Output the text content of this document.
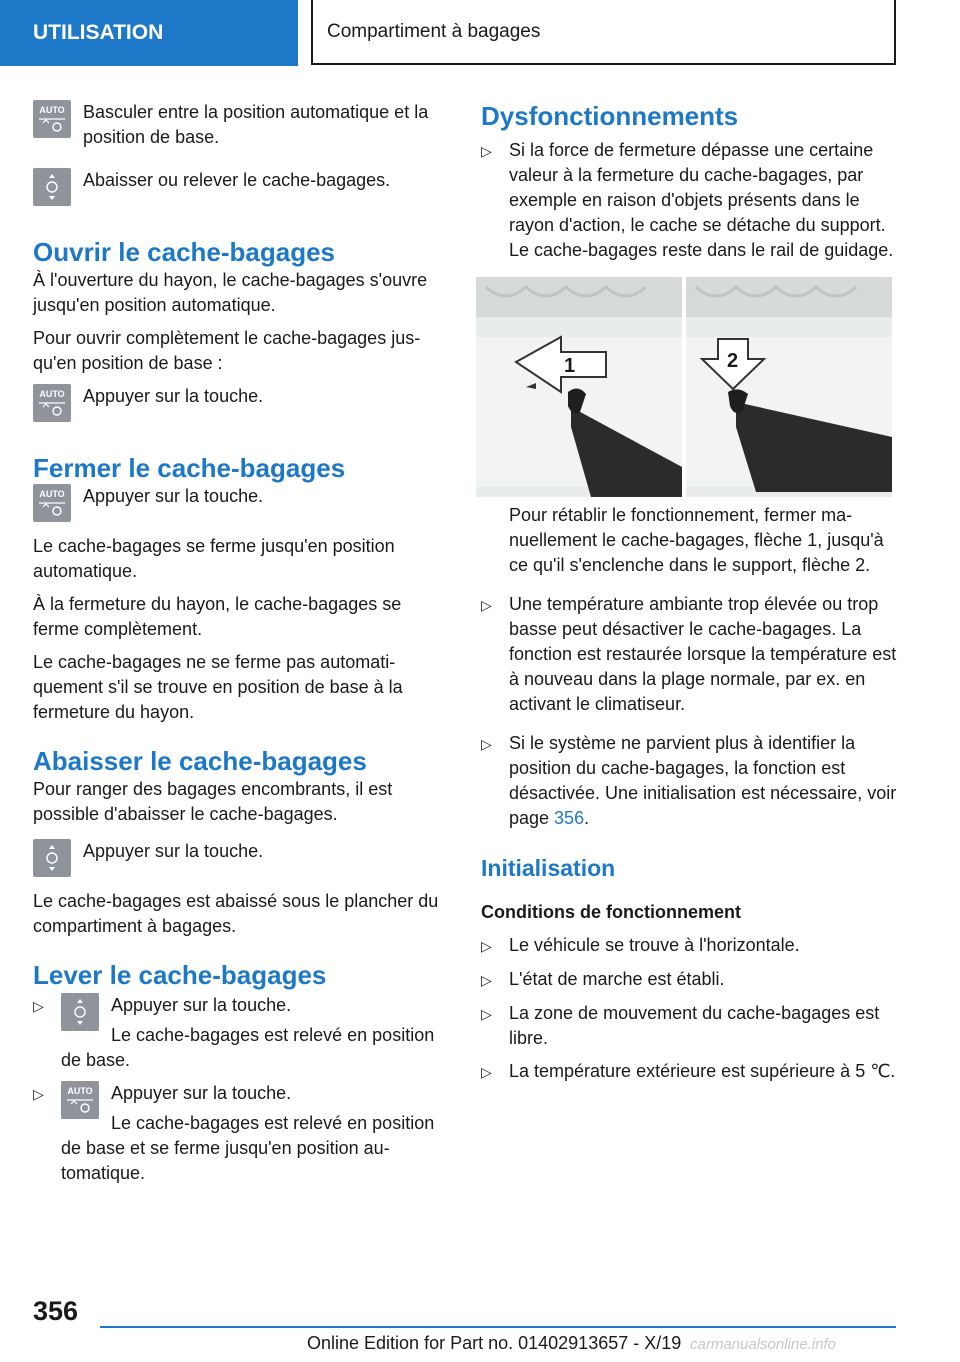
UTILISATION	Compartiment à bagages
AUTO Basculer entre la position automatique et la position de base.

Abaisser ou relever le cache-bagages.

Ouvrir le cache-bagages

À l'ouverture du hayon, le cache-bagages s'ouvre jusqu'en position automatique.

Pour ouvrir complètement le cache-bagages jusqu'en position de base :

AUTO Appuyer sur la touche.

Fermer le cache-bagages
AUTO Appuyer sur la touche.

Le cache-bagages se ferme jusqu'en position automatique.

À la fermeture du hayon, le cache-bagages se ferme complètement.

Le cache-bagages ne se ferme pas automatiquement s'il se trouve en position de base à la fermeture du hayon.

Abaisser le cache-bagages

Pour ranger des bagages encombrants, il est possible d'abaisser le cache-bagages.

Appuyer sur la touche.

Le cache-bagages est abaissé sous le plancher du compartiment à bagages.

Lever le cache-bagages
▷	Appuyer sur la touche.

Le cache-bagages est relevé en position de base.

▷	AUTO Appuyer sur la touche.

Le cache-bagages est relevé en position de base et se ferme jusqu'en position automatique.

Dysfonctionnements
▷ Si la force de fermeture dépasse une certaine valeur à la fermeture du cache-bagages, par exemple en raison d'objets présents dans le rayon d'action, le cache se détache du support. Le cache-bagages reste dans le rail de guidage.

1	2

Pour rétablir le fonctionnement, fermer manuellement le cache-bagages, flèche 1, jusqu'à ce qu'il s'enclenche dans le support, flèche 2.

▷ Une température ambiante trop élevée ou trop basse peut désactiver le cache-bagages. La fonction est restaurée lorsque la température est à nouveau dans la plage normale, par ex. en activant le climatiseur.

▷ Si le système ne parvient plus à identifier la position du cache-bagages, la fonction est désactivée. Une initialisation est nécessaire, voir page 356.

Initialisation
Conditions de fonctionnement
▷ Le véhicule se trouve à l'horizontale.

▷ L'état de marche est établi.

▷ La zone de mouvement du cache-bagages est libre.

▷ La température extérieure est supérieure à 5 ℃.

356
Online Edition for Part no. 01402913657 - X/19 carmanualsonline.info
